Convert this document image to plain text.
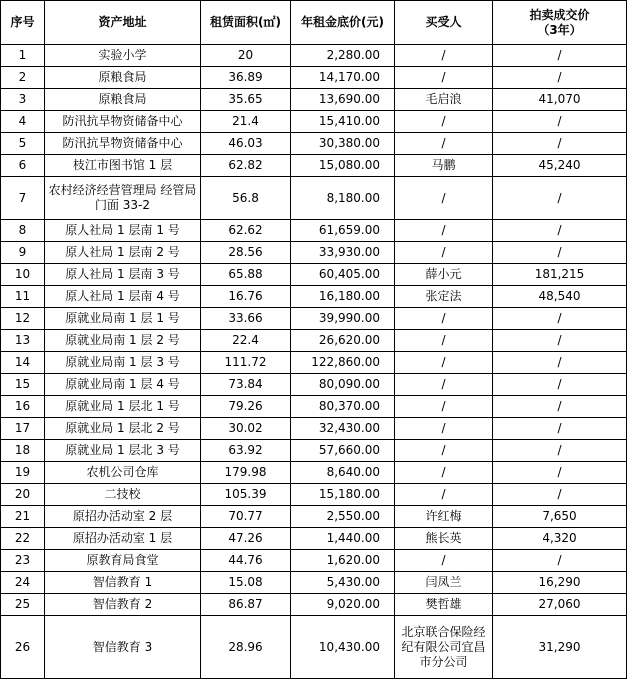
序号	资产地址	租赁面积(㎡)	年租金底价(元)	买受人	拍卖成交价
（3年）

1	实验小学	20	2,280.00	/	/
2	原粮食局	36.89	14,170.00	/	/
3	原粮食局	35.65	13,690.00	毛启浪	41,070
4	防汛抗旱物资储备中心	21.4	15,410.00	/	/
5	防汛抗旱物资储备中心	46.03	30,380.00	/	/
6	枝江市图书馆 1 层	62.82	15,080.00	马鹏	45,240
7	农村经济经营管理局 经管局门面 33-2	56.8	8,180.00	/	/
8	原人社局 1 层南 1 号	62.62	61,659.00	/	/
9	原人社局 1 层南 2 号	28.56	33,930.00	/	/
10	原人社局 1 层南 3 号	65.88	60,405.00	薛小元	181,215
11	原人社局 1 层南 4 号	16.76	16,180.00	张定法	48,540
12	原就业局南 1 层 1 号	33.66	39,990.00	/	/
13	原就业局南 1 层 2 号	22.4	26,620.00	/	/
14	原就业局南 1 层 3 号	111.72	122,860.00	/	/
15	原就业局南 1 层 4 号	73.84	80,090.00	/	/
16	原就业局 1 层北 1 号	79.26	80,370.00	/	/
17	原就业局 1 层北 2 号	30.02	32,430.00	/	/
18	原就业局 1 层北 3 号	63.92	57,660.00	/	/
19	农机公司仓库	179.98	8,640.00	/	/
20	二技校	105.39	15,180.00	/	/
21	原招办活动室 2 层	70.77	2,550.00	许红梅	7,650
22	原招办活动室 1 层	47.26	1,440.00	熊长英	4,320
23	原教育局食堂	44.76	1,620.00	/	/
24	智信教育 1	15.08	5,430.00	闫凤兰	16,290
25	智信教育 2	86.87	9,020.00	樊哲雄	27,060
26	智信教育 3	28.96	10,430.00	北京联合保险经纪有限公司宜昌市分公司	31,290
